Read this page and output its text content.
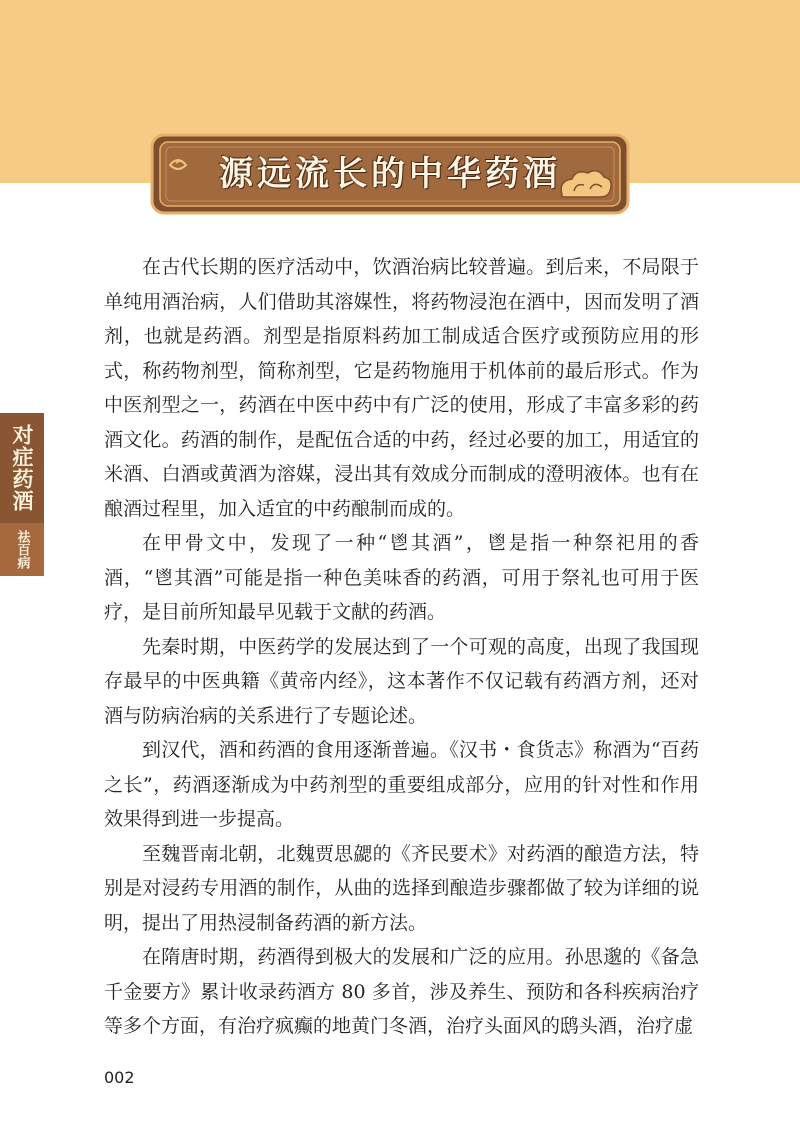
源远流长的中华药酒
对症药酒
祛百病

在古代长期的医疗活动中，饮酒治病比较普遍。到后来，不局限于单纯用酒治病，人们借助其溶媒性，将药物浸泡在酒中，因而发明了酒剂，也就是药酒。剂型是指原料药加工制成适合医疗或预防应用的形式，称药物剂型，简称剂型，它是药物施用于机体前的最后形式。作为中医剂型之一，药酒在中医中药中有广泛的使用，形成了丰富多彩的药酒文化。药酒的制作，是配伍合适的中药，经过必要的加工，用适宜的米酒、白酒或黄酒为溶媒，浸出其有效成分而制成的澄明液体。也有在酿酒过程里，加入适宜的中药酿制而成的。

在甲骨文中，发现了一种“鬯其酒”，鬯是指一种祭祀用的香酒，“鬯其酒”可能是指一种色美味香的药酒，可用于祭礼也可用于医疗，是目前所知最早见载于文献的药酒。

先秦时期，中医药学的发展达到了一个可观的高度，出现了我国现存最早的中医典籍《黄帝内经》，这本著作不仅记载有药酒方剂，还对酒与防病治病的关系进行了专题论述。

到汉代，酒和药酒的食用逐渐普遍。《汉书・食货志》称酒为“百药之长”，药酒逐渐成为中药剂型的重要组成部分，应用的针对性和作用效果得到进一步提高。

至魏晋南北朝，北魏贾思勰的《齐民要术》对药酒的酿造方法，特别是对浸药专用酒的制作，从曲的选择到酿造步骤都做了较为详细的说明，提出了用热浸制备药酒的新方法。

在隋唐时期，药酒得到极大的发展和广泛的应用。孙思邈的《备急千金要方》累计收录药酒方 80 多首，涉及养生、预防和各科疾病治疗等多个方面，有治疗疯癫的地黄门冬酒，治疗头面风的鸱头酒，治疗虚

002
